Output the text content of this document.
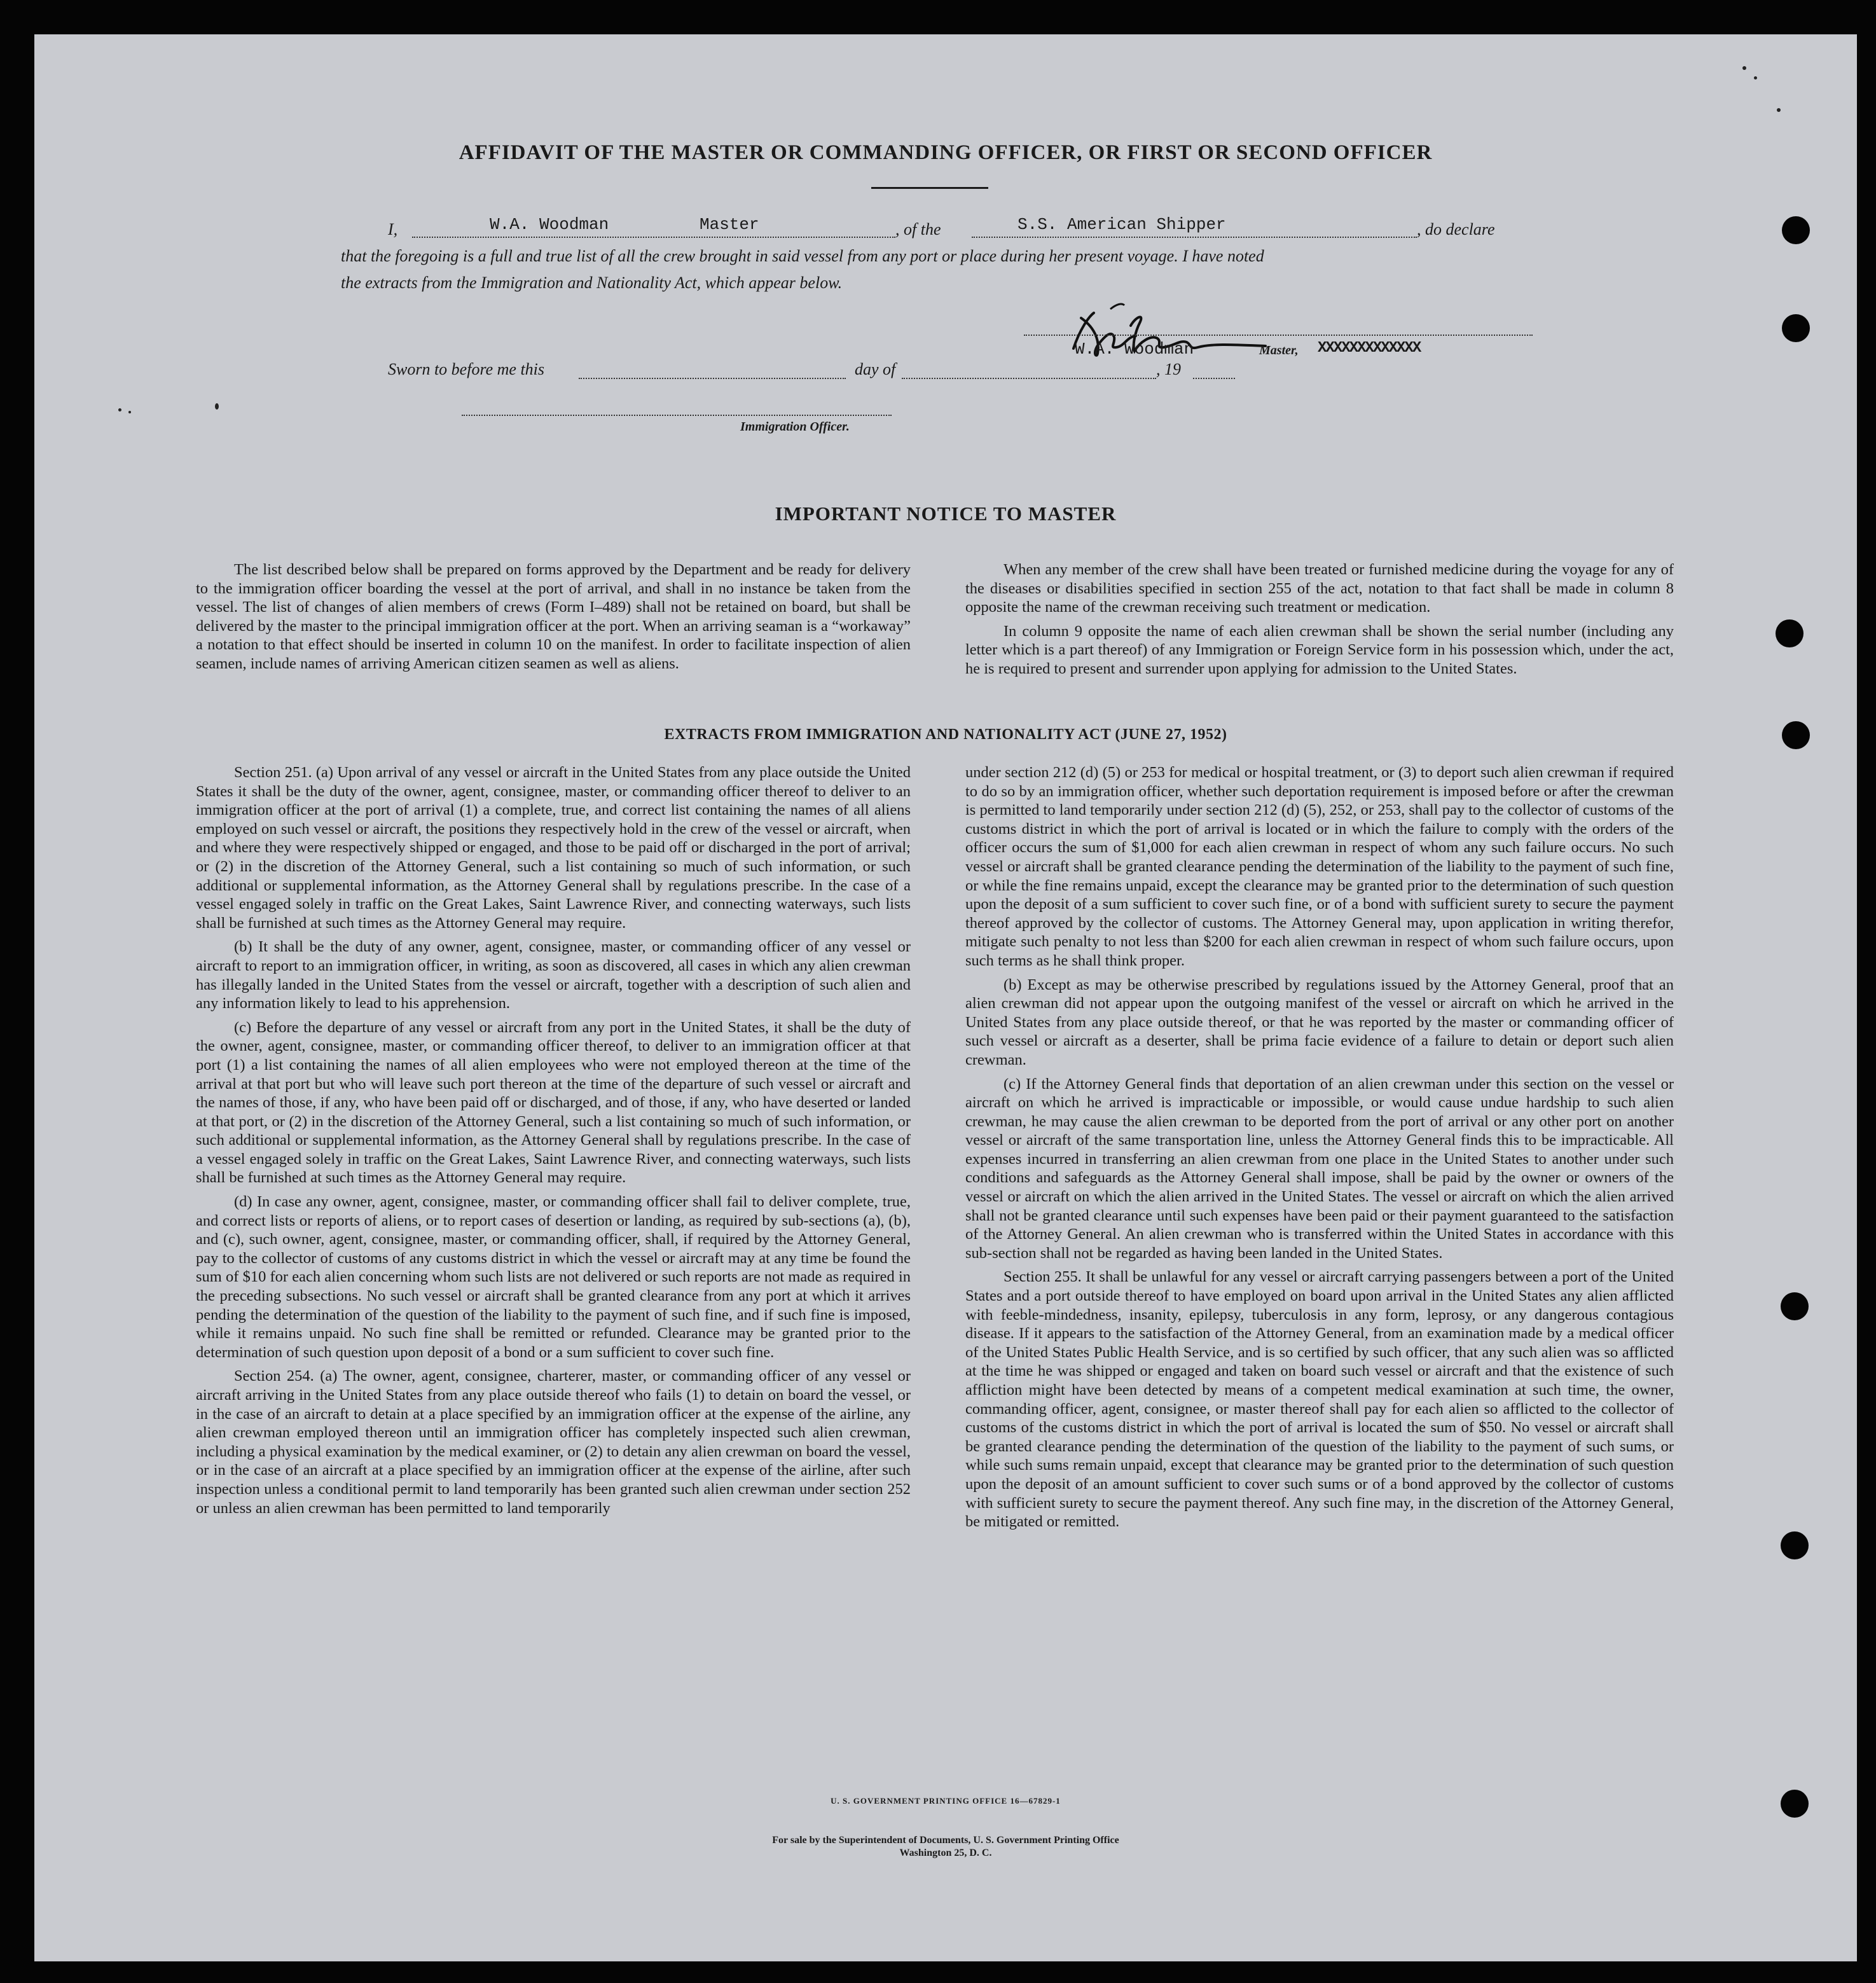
AFFIDAVIT OF THE MASTER OR COMMANDING OFFICER, OR FIRST OR SECOND OFFICER
I,	W.A. Woodman	Master	, of the	S.S. American Shipper	, do declare
that the foregoing is a full and true list of all the crew brought in said vessel from any port or place during her present voyage. I have noted
the extracts from the Immigration and Nationality Act, which appear below.
W.A. Woodman	Master, XXXXXXXXXXXXX
Sworn to before me this	day of	, 19
Immigration Officer.
IMPORTANT NOTICE TO MASTER

The list described below shall be prepared on forms approved by the Department and be ready for delivery to the immigration officer boarding the vessel at the port of arrival, and shall in no instance be taken from the vessel. The list of changes of alien members of crews (Form I–489) shall not be retained on board, but shall be delivered by the master to the principal immigration officer at the port. When an arriving seaman is a “workaway” a notation to that effect should be inserted in column 10 on the manifest. In order to facilitate inspection of alien seamen, include names of arriving American citizen seamen as well as aliens.

When any member of the crew shall have been treated or furnished medicine during the voyage for any of the diseases or disabilities specified in section 255 of the act, notation to that fact shall be made in column 8 opposite the name of the crewman receiving such treatment or medication.

In column 9 opposite the name of each alien crewman shall be shown the serial number (including any letter which is a part thereof) of any Immigration or Foreign Service form in his possession which, under the act, he is required to present and surrender upon applying for admission to the United States.

EXTRACTS FROM IMMIGRATION AND NATIONALITY ACT (JUNE 27, 1952)

Section 251. (a) Upon arrival of any vessel or aircraft in the United States from any place outside the United States it shall be the duty of the owner, agent, consignee, master, or commanding officer thereof to deliver to an immigration officer at the port of arrival (1) a complete, true, and correct list containing the names of all aliens employed on such vessel or aircraft, the positions they respectively hold in the crew of the vessel or aircraft, when and where they were respectively shipped or engaged, and those to be paid off or discharged in the port of arrival; or (2) in the discretion of the Attorney General, such a list containing so much of such information, or such additional or supplemental information, as the Attorney General shall by regulations prescribe. In the case of a vessel engaged solely in traffic on the Great Lakes, Saint Lawrence River, and connecting waterways, such lists shall be furnished at such times as the Attorney General may require.

(b) It shall be the duty of any owner, agent, consignee, master, or commanding officer of any vessel or aircraft to report to an immigration officer, in writing, as soon as discovered, all cases in which any alien crewman has illegally landed in the United States from the vessel or aircraft, together with a description of such alien and any information likely to lead to his apprehension.

(c) Before the departure of any vessel or aircraft from any port in the United States, it shall be the duty of the owner, agent, consignee, master, or commanding officer thereof, to deliver to an immigration officer at that port (1) a list containing the names of all alien employees who were not employed thereon at the time of the arrival at that port but who will leave such port thereon at the time of the departure of such vessel or aircraft and the names of those, if any, who have been paid off or discharged, and of those, if any, who have deserted or landed at that port, or (2) in the discretion of the Attorney General, such a list containing so much of such information, or such additional or supplemental information, as the Attorney General shall by regulations prescribe. In the case of a vessel engaged solely in traffic on the Great Lakes, Saint Lawrence River, and connecting waterways, such lists shall be furnished at such times as the Attorney General may require.

(d) In case any owner, agent, consignee, master, or commanding officer shall fail to deliver complete, true, and correct lists or reports of aliens, or to report cases of desertion or landing, as required by sub-sections (a), (b), and (c), such owner, agent, consignee, master, or commanding officer, shall, if required by the Attorney General, pay to the collector of customs of any customs district in which the vessel or aircraft may at any time be found the sum of $10 for each alien concerning whom such lists are not delivered or such reports are not made as required in the preceding subsections. No such vessel or aircraft shall be granted clearance from any port at which it arrives pending the determination of the question of the liability to the payment of such fine, and if such fine is imposed, while it remains unpaid. No such fine shall be remitted or refunded. Clearance may be granted prior to the determination of such question upon deposit of a bond or a sum sufficient to cover such fine.

Section 254. (a) The owner, agent, consignee, charterer, master, or commanding officer of any vessel or aircraft arriving in the United States from any place outside thereof who fails (1) to detain on board the vessel, or in the case of an aircraft to detain at a place specified by an immigration officer at the expense of the airline, any alien crewman employed thereon until an immigration officer has completely inspected such alien crewman, including a physical examination by the medical examiner, or (2) to detain any alien crewman on board the vessel, or in the case of an aircraft at a place specified by an immigration officer at the expense of the airline, after such inspection unless a conditional permit to land temporarily has been granted such alien crewman under section 252 or unless an alien crewman has been permitted to land temporarily

under section 212 (d) (5) or 253 for medical or hospital treatment, or (3) to deport such alien crewman if required to do so by an immigration officer, whether such deportation requirement is imposed before or after the crewman is permitted to land temporarily under section 212 (d) (5), 252, or 253, shall pay to the collector of customs of the customs district in which the port of arrival is located or in which the failure to comply with the orders of the officer occurs the sum of $1,000 for each alien crewman in respect of whom any such failure occurs. No such vessel or aircraft shall be granted clearance pending the determination of the liability to the payment of such fine, or while the fine remains unpaid, except the clearance may be granted prior to the determination of such question upon the deposit of a sum sufficient to cover such fine, or of a bond with sufficient surety to secure the payment thereof approved by the collector of customs. The Attorney General may, upon application in writing therefor, mitigate such penalty to not less than $200 for each alien crewman in respect of whom such failure occurs, upon such terms as he shall think proper.

(b) Except as may be otherwise prescribed by regulations issued by the Attorney General, proof that an alien crewman did not appear upon the outgoing manifest of the vessel or aircraft on which he arrived in the United States from any place outside thereof, or that he was reported by the master or commanding officer of such vessel or aircraft as a deserter, shall be prima facie evidence of a failure to detain or deport such alien crewman.

(c) If the Attorney General finds that deportation of an alien crewman under this section on the vessel or aircraft on which he arrived is impracticable or impossible, or would cause undue hardship to such alien crewman, he may cause the alien crewman to be deported from the port of arrival or any other port on another vessel or aircraft of the same transportation line, unless the Attorney General finds this to be impracticable. All expenses incurred in transferring an alien crewman from one place in the United States to another under such conditions and safeguards as the Attorney General shall impose, shall be paid by the owner or owners of the vessel or aircraft on which the alien arrived in the United States. The vessel or aircraft on which the alien arrived shall not be granted clearance until such expenses have been paid or their payment guaranteed to the satisfaction of the Attorney General. An alien crewman who is transferred within the United States in accordance with this sub-section shall not be regarded as having been landed in the United States.

Section 255. It shall be unlawful for any vessel or aircraft carrying passengers between a port of the United States and a port outside thereof to have employed on board upon arrival in the United States any alien afflicted with feeble-mindedness, insanity, epilepsy, tuberculosis in any form, leprosy, or any dangerous contagious disease. If it appears to the satisfaction of the Attorney General, from an examination made by a medical officer of the United States Public Health Service, and is so certified by such officer, that any such alien was so afflicted at the time he was shipped or engaged and taken on board such vessel or aircraft and that the existence of such affliction might have been detected by means of a competent medical examination at such time, the owner, commanding officer, agent, consignee, or master thereof shall pay for each alien so afflicted to the collector of customs of the customs district in which the port of arrival is located the sum of $50. No vessel or aircraft shall be granted clearance pending the determination of the question of the liability to the payment of such sums, or while such sums remain unpaid, except that clearance may be granted prior to the determination of such question upon the deposit of an amount sufficient to cover such sums or of a bond approved by the collector of customs with sufficient surety to secure the payment thereof. Any such fine may, in the discretion of the Attorney General, be mitigated or remitted.

U. S. GOVERNMENT PRINTING OFFICE 16—67829-1
For sale by the Superintendent of Documents, U. S. Government Printing Office
Washington 25, D. C.
